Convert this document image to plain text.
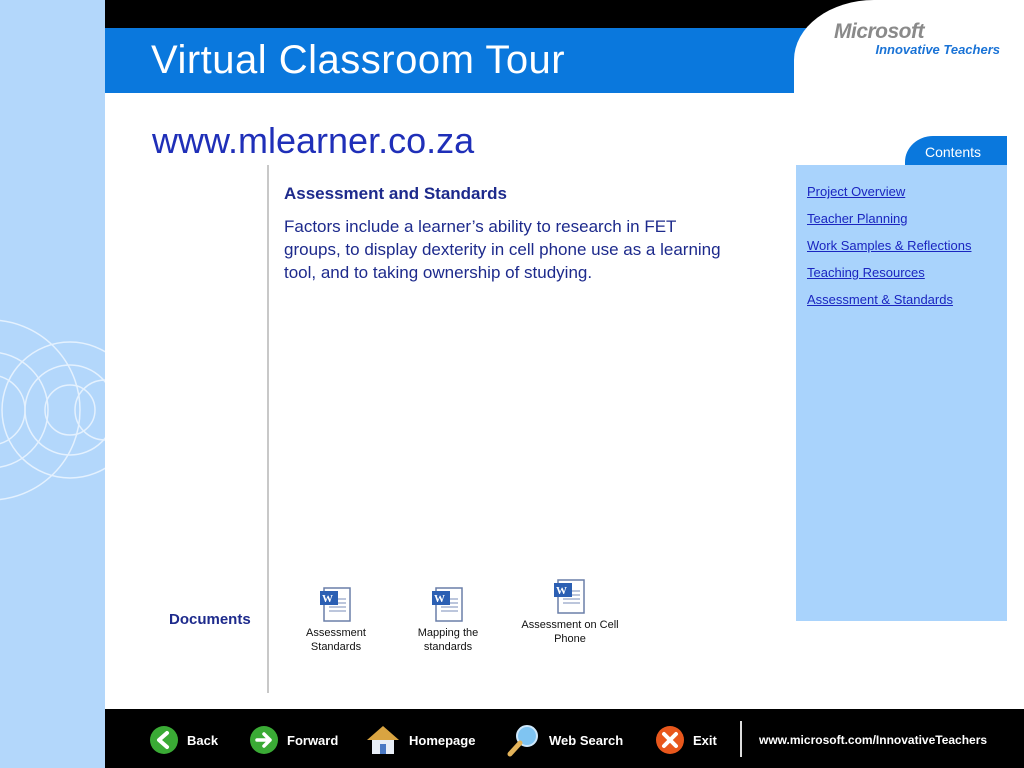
Virtual Classroom Tour
Microsoft
Innovative Teachers
www.mlearner.co.za
Assessment and Standards
Factors include a learner’s ability to research in FET groups, to display dexterity in cell phone use as a learning tool, and to taking ownership of studying.
Documents
W
Assessment
Standards
W
Mapping the
standards
W
Assessment on Cell
Phone
Contents
Project Overview
Teacher Planning
Work Samples & Reflections
Teaching Resources
Assessment & Standards
Back	Forward	Homepage	Web Search	Exit	www.microsoft.com/InnovativeTeachers
